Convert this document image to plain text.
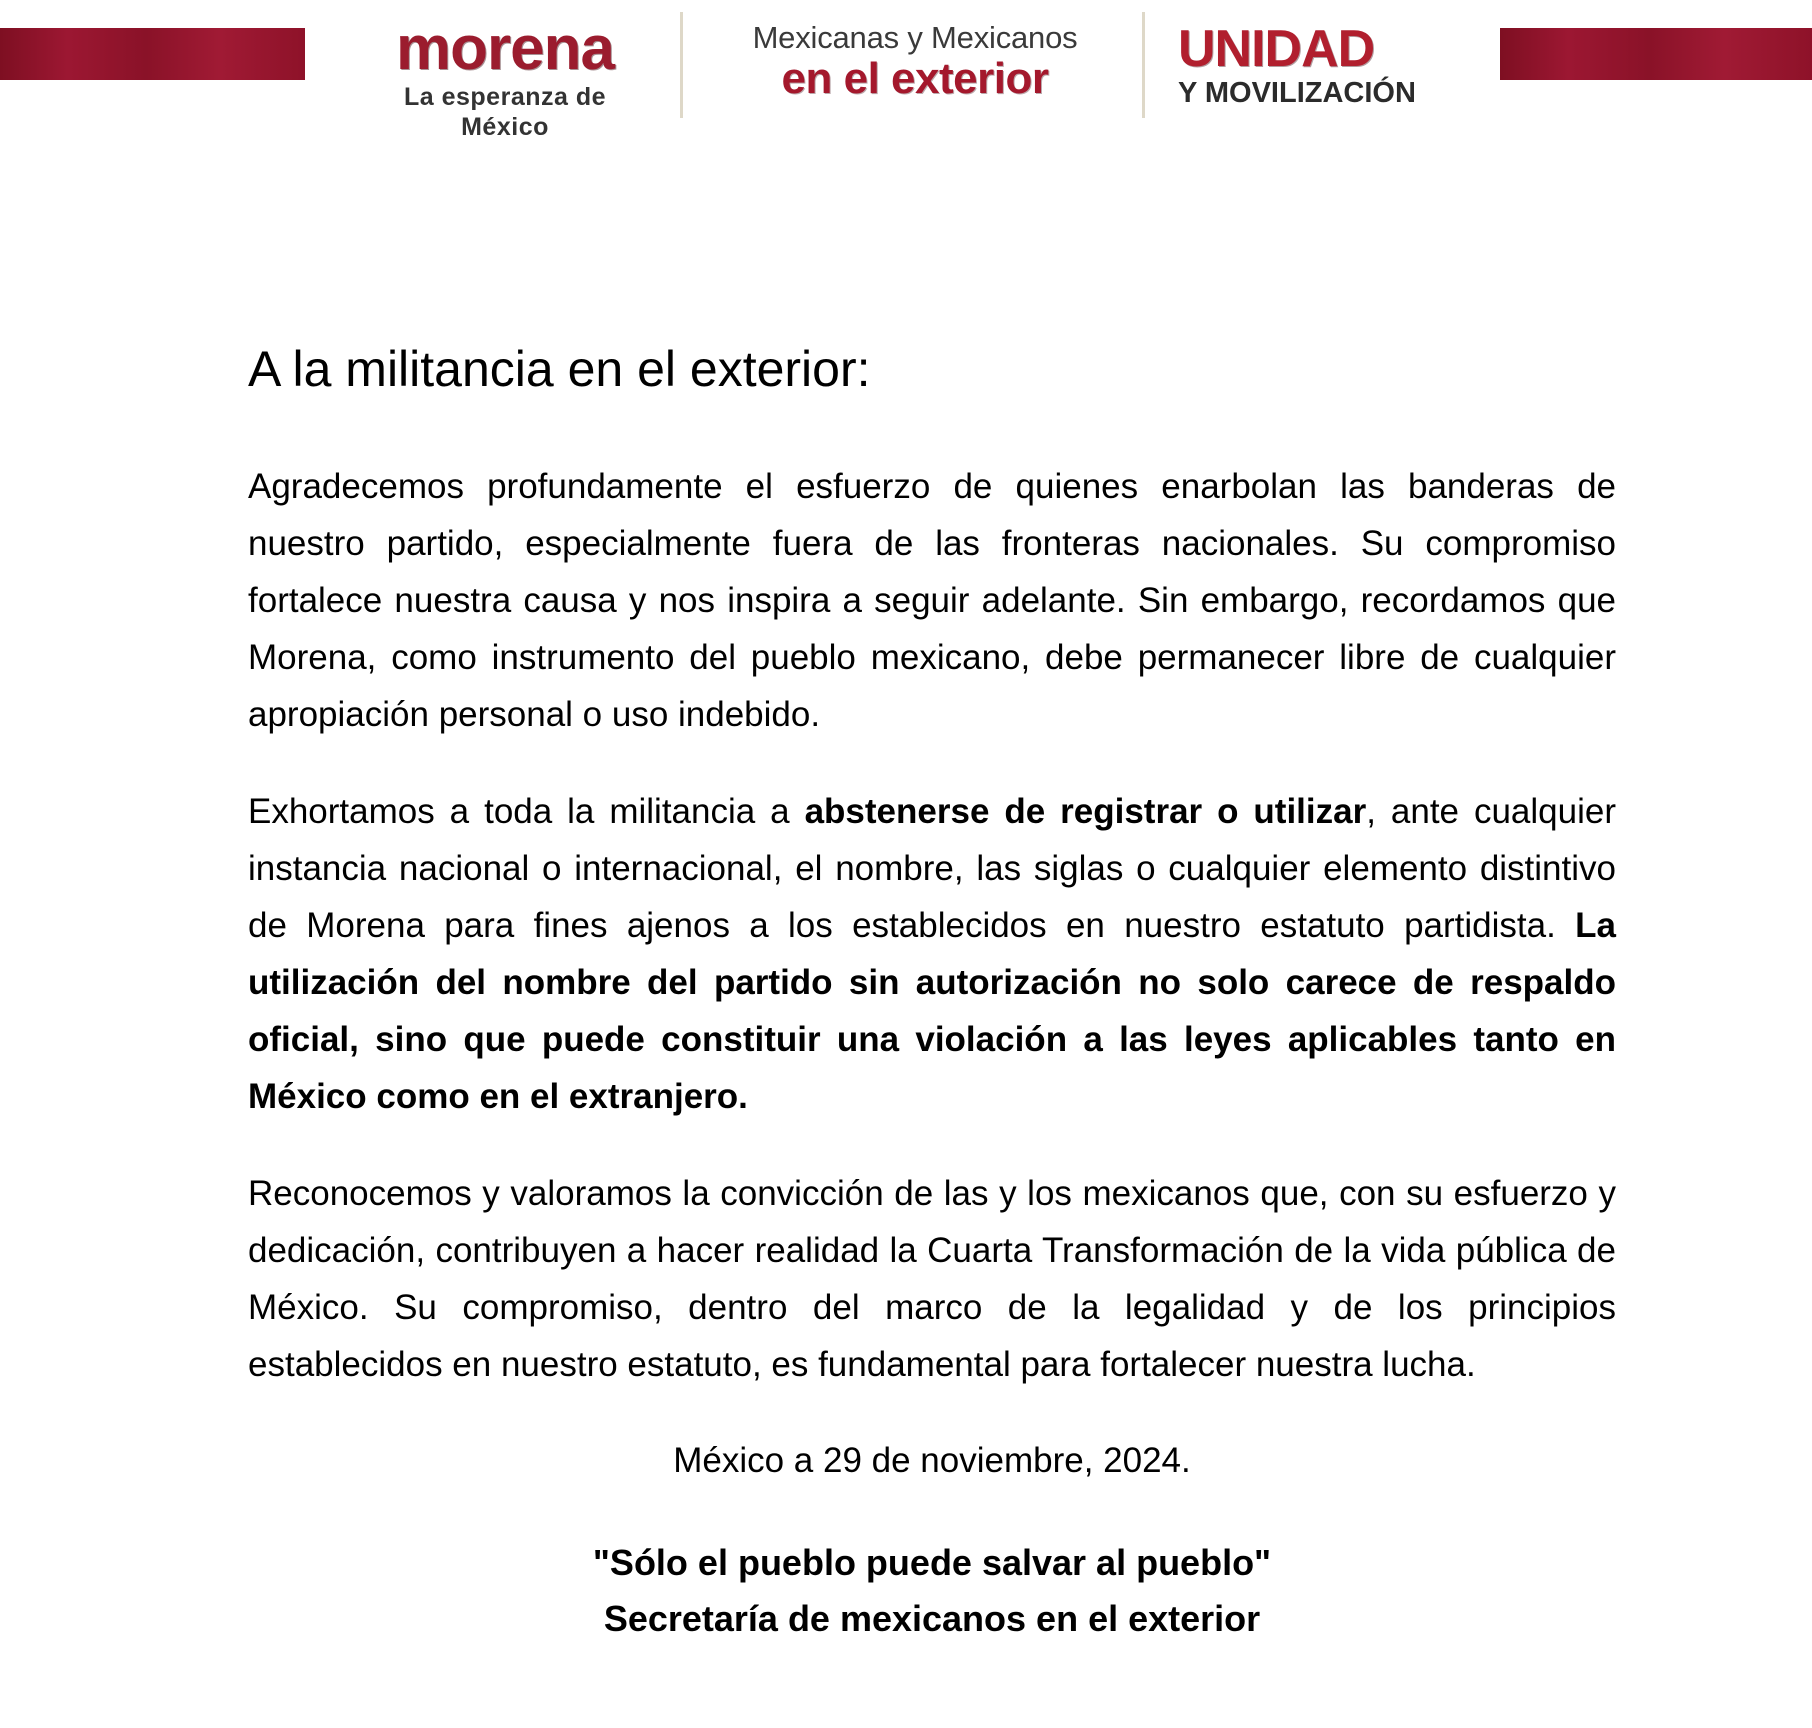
morena
La esperanza de México
Mexicanas y Mexicanos
en el exterior
UNIDAD
Y MOVILIZACIÓN
A la militancia en el exterior:

Agradecemos profundamente el esfuerzo de quienes enarbolan las banderas de nuestro partido, especialmente fuera de las fronteras nacionales. Su compromiso fortalece nuestra causa y nos inspira a seguir adelante. Sin embargo, recordamos que Morena, como instrumento del pueblo mexicano, debe permanecer libre de cualquier apropiación personal o uso indebido.

Exhortamos a toda la militancia a abstenerse de registrar o utilizar, ante cualquier instancia nacional o internacional, el nombre, las siglas o cualquier elemento distintivo de Morena para fines ajenos a los establecidos en nuestro estatuto partidista. La utilización del nombre del partido sin autorización no solo carece de respaldo oficial, sino que puede constituir una violación a las leyes aplicables tanto en México como en el extranjero.

Reconocemos y valoramos la convicción de las y los mexicanos que, con su esfuerzo y dedicación, contribuyen a hacer realidad la Cuarta Transformación de la vida pública de México. Su compromiso, dentro del marco de la legalidad y de los principios establecidos en nuestro estatuto, es fundamental para fortalecer nuestra lucha.

México a 29 de noviembre, 2024.
"Sólo el pueblo puede salvar al pueblo"
Secretaría de mexicanos en el exterior
